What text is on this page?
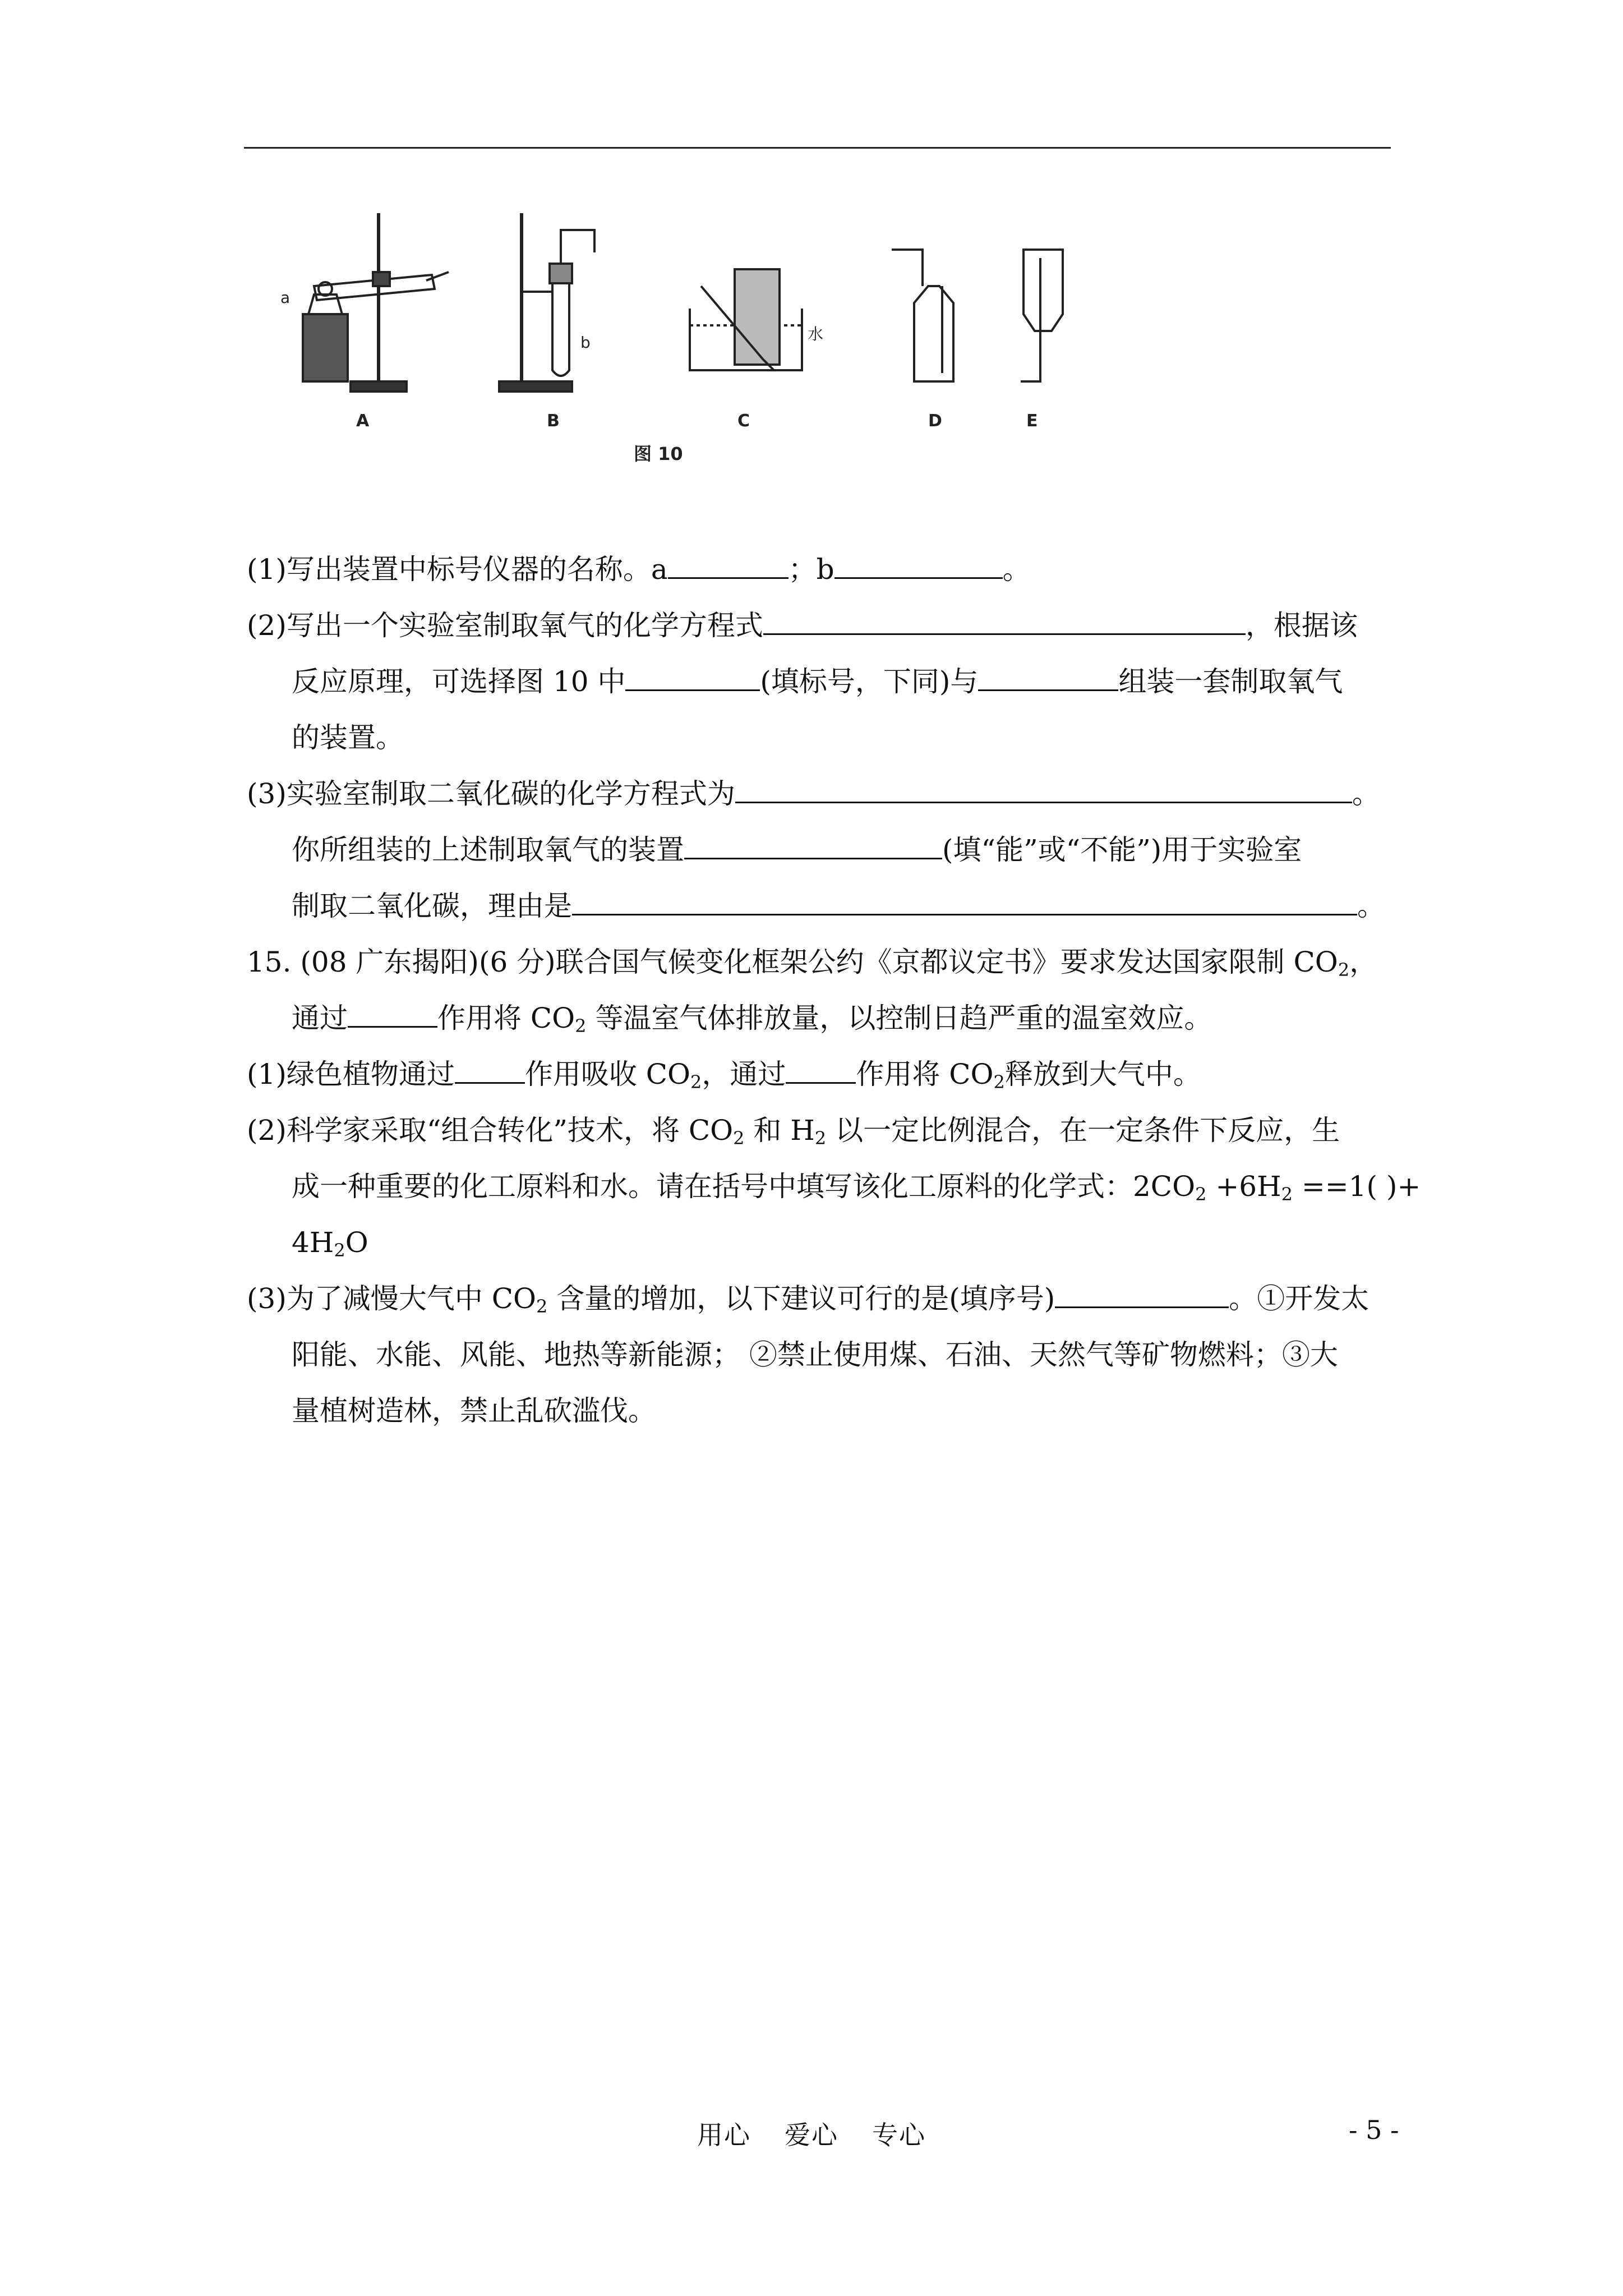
a
b	水
A	B	C	D	E
图 10
(1)写出装置中标号仪器的名称。a	；b	。
(2)写出一个实验室制取氧气的化学方程式	，根据该
反应原理，可选择图 10 中	(填标号，下同)与	组装一套制取氧气
的装置。
(3)实验室制取二氧化碳的化学方程式为	。
你所组装的上述制取氧气的装置	(填“能”或“不能”)用于实验室
制取二氧化碳，理由是	。
15. (08 广东揭阳)(6 分)联合国气候变化框架公约《京都议定书》要求发达国家限制 $CO_2$，
通过	作用将 $CO_2$ 等温室气体排放量，以控制日趋严重的温室效应。
(1)绿色植物通过	作用吸收 $CO_2$，通过	作用将 $CO_2$释放到大气中。
(2)科学家采取“组合转化”技术，将 $CO_2$ 和 $H_2$ 以一定比例混合，在一定条件下反应，生
成一种重要的化工原料和水。请在括号中填写该化工原料的化学式：$2CO_2 +6H_2 ==1$( )+
$4H_2O$
(3)为了减慢大气中 $CO_2$ 含量的增加，以下建议可行的是(填序号)	。①开发太
阳能、水能、风能、地热等新能源； ②禁止使用煤、石油、天然气等矿物燃料；③大
量植树造林，禁止乱砍滥伐。
用心 爱心 专心	- 5 -
